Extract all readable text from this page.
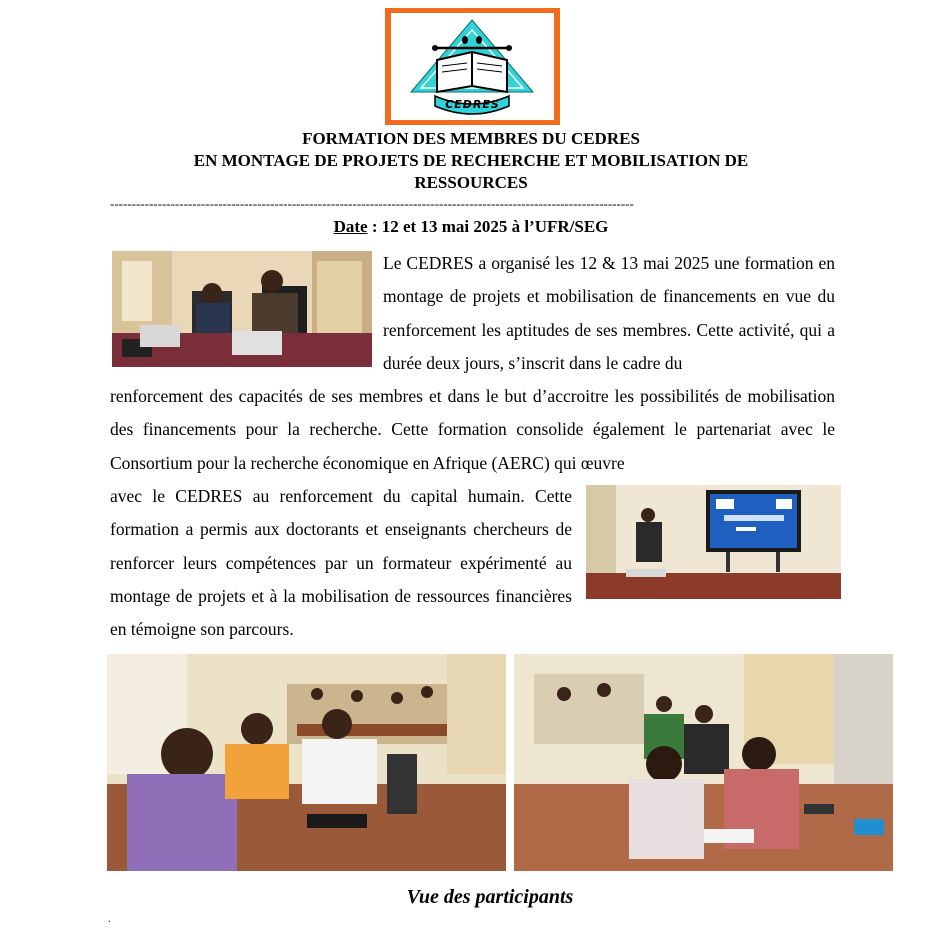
CEDRES
FORMATION DES MEMBRES DU CEDRES
EN MONTAGE DE PROJETS DE RECHERCHE ET MOBILISATION DE
RESSOURCES
-------------------------------------------------------------------------------------------------------------------------
Date : 12 et 13 mai 2025 à l’UFR/SEG

Le CEDRES a organisé les 12 & 13 mai 2025 une formation en montage de projets et mobilisation de financements en vue du renforcement les aptitudes de ses membres. Cette activité, qui a durée deux jours, s’inscrit dans le cadre du

renforcement des capacités de ses membres et dans le but d’accroitre les possibilités de mobilisation des financements pour la recherche. Cette formation consolide également le partenariat avec le Consortium pour la recherche économique en Afrique (AERC) qui œuvre

avec le CEDRES au renforcement du capital humain. Cette formation a permis aux doctorants et enseignants chercheurs de renforcer leurs compétences par un formateur expérimenté au montage de projets et à la mobilisation de ressources financières en témoigne son parcours.

Vue des participants
.
